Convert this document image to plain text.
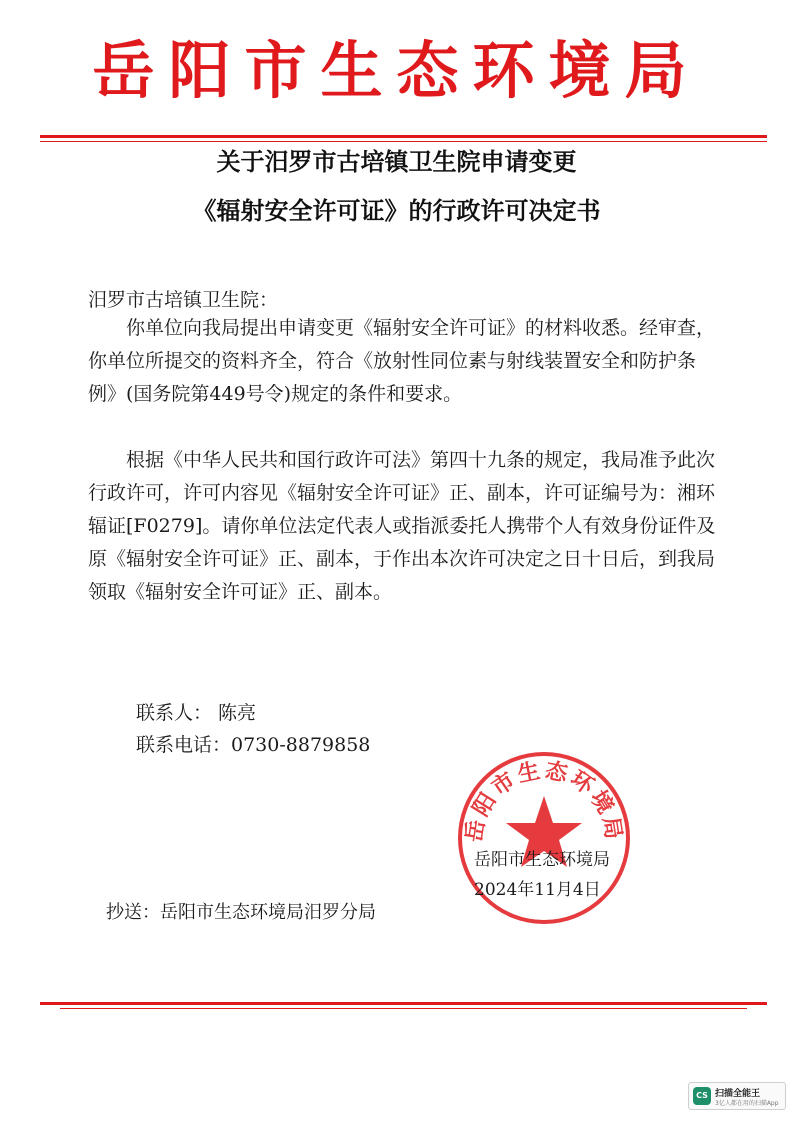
岳阳市生态环境局
关于汨罗市古培镇卫生院申请变更
《辐射安全许可证》的行政许可决定书
汨罗市古培镇卫生院：
你单位向我局提出申请变更《辐射安全许可证》的材料收悉。经审查，你单位所提交的资料齐全，符合《放射性同位素与射线装置安全和防护条例》(国务院第449号令)规定的条件和要求。
根据《中华人民共和国行政许可法》第四十九条的规定，我局准予此次行政许可，许可内容见《辐射安全许可证》正、副本，许可证编号为：湘环辐证[F0279]。请你单位法定代表人或指派委托人携带个人有效身份证件及原《辐射安全许可证》正、副本，于作出本次许可决定之日十日后，到我局领取《辐射安全许可证》正、副本。
联系人： 陈亮
联系电话：0730-8879858
岳阳市生态环境局
岳阳市生态环境局
2024年11月4日
抄送：岳阳市生态环境局汨罗分局
CS 扫描全能王
3亿人都在用的扫描App
